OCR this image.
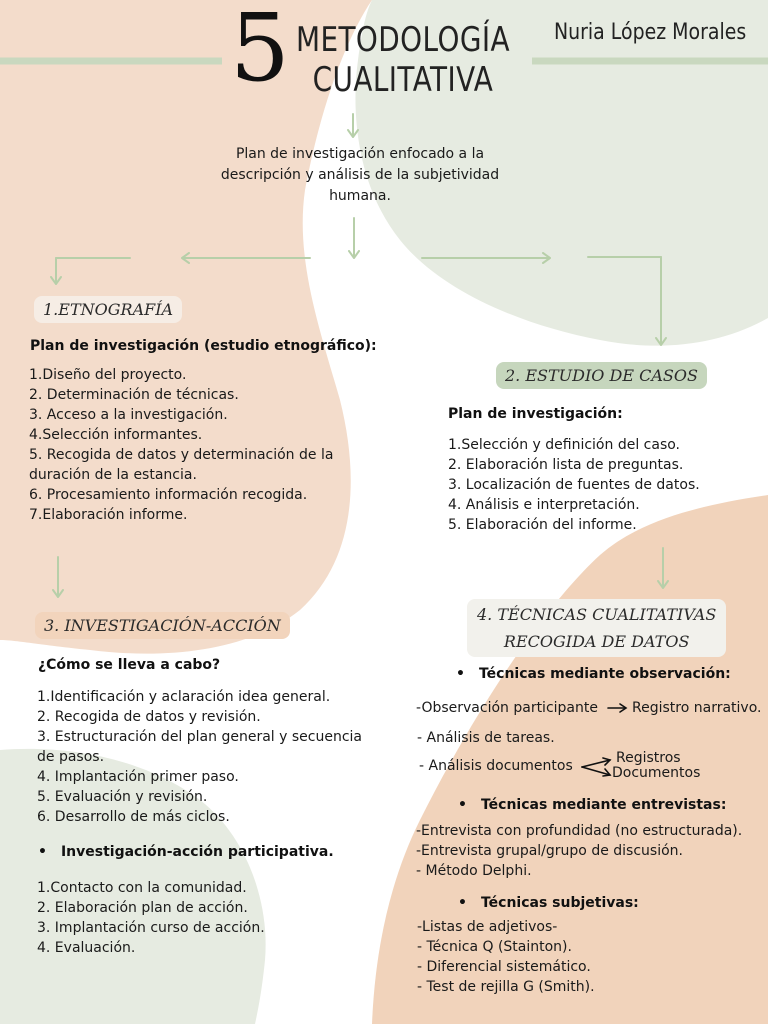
5 METODOLOGÍA
CUALITATIVA
Nuria López Morales
Plan de investigación enfocado a la descripción y análisis de la subjetividad humana.
1.ETNOGRAFÍA
Plan de investigación (estudio etnográfico):
1.Diseño del proyecto.
2. Determinación de técnicas.
3. Acceso a la investigación.
4.Selección informantes.
5. Recogida de datos y determinación de la duración de la estancia.
6. Procesamiento información recogida.
7.Elaboración informe.
2. ESTUDIO DE CASOS
Plan de investigación:
1.Selección y definición del caso.
2. Elaboración lista de preguntas.
3. Localización de fuentes de datos.
4. Análisis e interpretación.
5. Elaboración del informe.
3. INVESTIGACIÓN-ACCIÓN
¿Cómo se lleva a cabo?
1.Identificación y aclaración idea general.
2. Recogida de datos y revisión.
3. Estructuración del plan general y secuencia de pasos.
4. Implantación primer paso.
5. Evaluación y revisión.
6. Desarrollo de más ciclos.
• Investigación-acción participativa.
1.Contacto con la comunidad.
2. Elaboración plan de acción.
3. Implantación curso de acción.
4. Evaluación.
4. TÉCNICAS CUALITATIVAS
RECOGIDA DE DATOS
• Técnicas mediante observación:
-Observación participante Registro narrativo.
- Análisis de tareas.
- Análisis documentos	Registros
Documentos
• Técnicas mediante entrevistas:
-Entrevista con profundidad (no estructurada).
-Entrevista grupal/grupo de discusión.
- Método Delphi.
• Técnicas subjetivas:
-Listas de adjetivos-
- Técnica Q (Stainton).
- Diferencial sistemático.
- Test de rejilla G (Smith).
